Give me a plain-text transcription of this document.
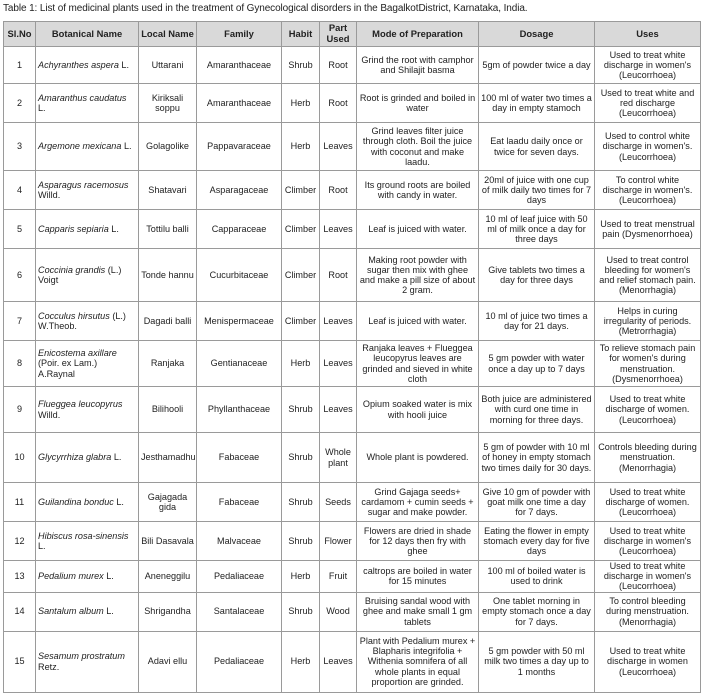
Table 1: List of medicinal plants used in the treatment of Gynecological disorders in the BagalkotDistrict, Karnataka, India.
Sl.No	Botanical Name	Local Name	Family	Habit	Part Used	Mode of Preparation	Dosage	Uses
1	Achyranthes aspera L.	Uttarani	Amaranthaceae	Shrub	Root	Grind the root with camphor and Shilajit basma	5gm of powder twice a day	Used to treat white discharge in women's (Leucorrhoea)
2	Amaranthus caudatus L.	Kiriksali soppu	Amaranthaceae	Herb	Root	Root is grinded and boiled in water	100 ml of water two times a day in empty stamoch	Used to treat white and red discharge (Leucorrhoea)
3	Argemone mexicana L.	Golagolike	Pappavaraceae	Herb	Leaves	Grind leaves filter juice through cloth. Boil the juice with coconut and make laadu.	Eat laadu daily once or twice for seven days.	Used to control white discharge in women's. (Leucorrhoea)
4	Asparagus racemosus Willd.	Shatavari	Asparagaceae	Climber	Root	Its ground roots are boiled with candy in water.	20ml of juice with one cup of milk daily two times for 7 days	To control white discharge in women's. (Leucorrhoea)
5	Capparis sepiaria L.	Tottilu balli	Capparaceae	Climber	Leaves	Leaf is juiced with water.	10 ml of leaf juice with 50 ml of milk once a day for three days	Used to treat menstrual pain (Dysmenorrhoea)
6	Coccinia grandis (L.) Voigt	Tonde hannu	Cucurbitaceae	Climber	Root	Making root powder with sugar then mix with ghee and make a pill size of about 2 gram.	Give tablets two times a day for three days	Used to treat control bleeding for women's and relief stomach pain. (Menorrhagia)
7	Cocculus hirsutus (L.) W.Theob.	Dagadi balli	Menispermaceae	Climber	Leaves	Leaf is juiced with water.	10 ml of juice two times a day for 21 days.	Helps in curing irregularity of periods. (Metrorrhagia)
8	Enicostema axillare (Poir. ex Lam.) A.Raynal	Ranjaka	Gentianaceae	Herb	Leaves	Ranjaka leaves + Flueggea leucopyrus leaves are grinded and sieved in white cloth	5 gm powder with water once a day up to 7 days	To relieve stomach pain for women's during menstruation. (Dysmenorrhoea)
9	Flueggea leucopyrus Willd.	Bilihooli	Phyllanthaceae	Shrub	Leaves	Opium soaked water is mix with hooli juice	Both juice are administered with curd one time in morning for three days.	Used to treat white discharge of women. (Leucorrhoea)
10	Glycyrrhiza glabra L.	Jesthamadhu	Fabaceae	Shrub	Whole plant	Whole plant is powdered.	5 gm of powder with 10 ml of honey in empty stomach two times daily for 30 days.	Controls bleeding during menstruation. (Menorrhagia)
11	Guilandina bonduc L.	Gajagada gida	Fabaceae	Shrub	Seeds	Grind Gajaga seeds+ cardamom + cumin seeds + sugar and make powder.	Give 10 gm of powder with goat milk one time a day for 7 days.	Used to treat white discharge of women. (Leucorrhoea)
12	Hibiscus rosa-sinensis L.	Bili Dasavala	Malvaceae	Shrub	Flower	Flowers are dried in shade for 12 days then fry with ghee	Eating the flower in empty stomach every day for five days	Used to treat white discharge in women's (Leucorrhoea)
13	Pedalium murex L.	Aneneggilu	Pedaliaceae	Herb	Fruit	caltrops are boiled in water for 15 minutes	100 ml of boiled water is used to drink	Used to treat white discharge in women's (Leucorrhoea)
14	Santalum album L.	Shrigandha	Santalaceae	Shrub	Wood	Bruising sandal wood with ghee and make small 1 gm tablets	One tablet morning in empty stomach once a day for 7 days.	To control bleeding during menstruation. (Menorrhagia)
15	Sesamum prostratum Retz.	Adavi ellu	Pedaliaceae	Herb	Leaves	Plant with Pedalium murex + Blapharis integrifolia + Withenia somnifera of all whole plants in equal proportion are grinded.	5 gm powder with 50 ml milk two times a day up to 1 months	Used to treat white discharge in women (Leucorrhoea)
